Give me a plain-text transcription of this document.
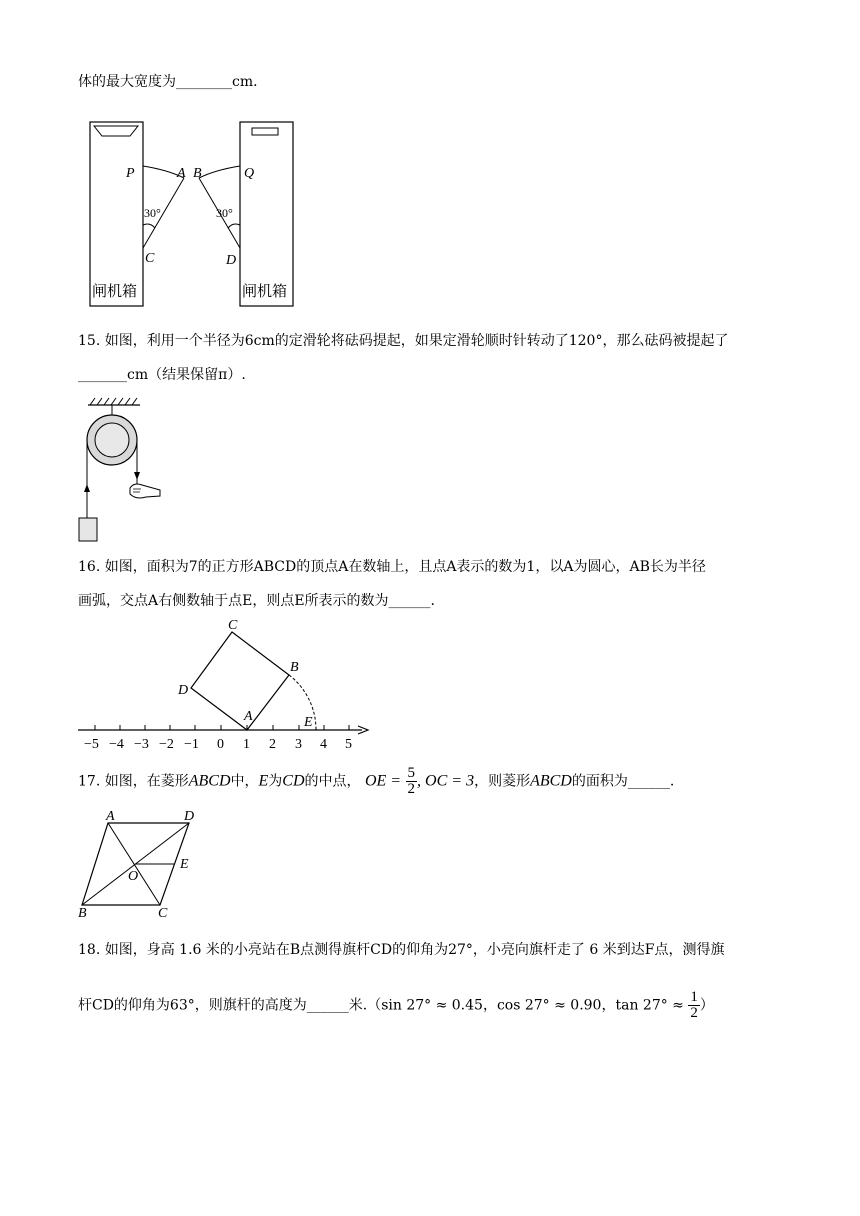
体的最大宽度为________cm．
P	A B	Q
C	D
30°	30°
闸机箱	闸机箱
15. 如图，利用一个半径为6cm的定滑轮将砝码提起，如果定滑轮顺时针转动了120°，那么砝码被提起了
_______cm（结果保留π）.
16. 如图，面积为7的正方形ABCD的顶点A在数轴上，且点A表示的数为1，以A为圆心，AB长为半径
画弧，交点A右侧数轴于点E，则点E所表示的数为______.
−5 −4 −3 −2 −1 0 1 2 3 4 5
C
B
D
A	E
17. 如图，在菱形ABCD中，E为CD的中点， OE = $\frac{5}{2}$ , OC = 3，则菱形ABCD的面积为______.
A	D
E
O
B	C
18. 如图，身高 1.6 米的小亮站在B点测得旗杆CD的仰角为27°，小亮向旗杆走了 6 米到达F点，测得旗
杆CD的仰角为63°，则旗杆的高度为______米.（sin 27° ≈ 0.45，cos 27° ≈ 0.90，$\tan 27^\circ \approx \frac{1}{2}$ ）
